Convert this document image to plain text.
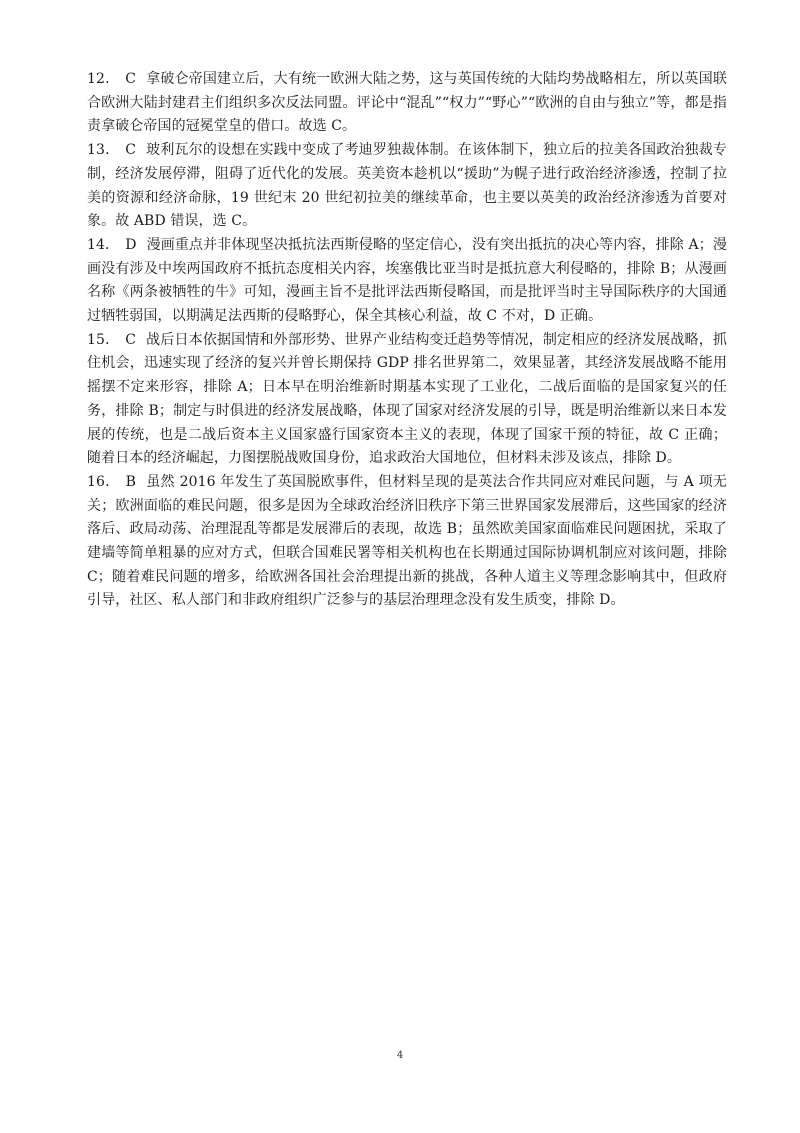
12． C 拿破仑帝国建立后，大有统一欧洲大陆之势，这与英国传统的大陆均势战略相左，所以英国联合欧洲大陆封建君主们组织多次反法同盟。评论中“混乱”“权力”“野心”“欧洲的自由与独立”等，都是指责拿破仑帝国的冠冕堂皇的借口。故选 C。

13． C 玻利瓦尔的设想在实践中变成了考迪罗独裁体制。在该体制下，独立后的拉美各国政治独裁专制，经济发展停滞，阻碍了近代化的发展。英美资本趁机以“援助”为幌子进行政治经济渗透，控制了拉美的资源和经济命脉，19 世纪末 20 世纪初拉美的继续革命，也主要以英美的政治经济渗透为首要对象。故 ABD 错误，选 C。

14． D 漫画重点并非体现坚决抵抗法西斯侵略的坚定信心，没有突出抵抗的决心等内容，排除 A；漫画没有涉及中埃两国政府不抵抗态度相关内容，埃塞俄比亚当时是抵抗意大利侵略的，排除 B；从漫画名称《两条被牺牲的牛》可知，漫画主旨不是批评法西斯侵略国，而是批评当时主导国际秩序的大国通过牺牲弱国，以期满足法西斯的侵略野心，保全其核心利益，故 C 不对，D 正确。

15． C 战后日本依据国情和外部形势、世界产业结构变迁趋势等情况，制定相应的经济发展战略，抓住机会，迅速实现了经济的复兴并曾长期保持 GDP 排名世界第二，效果显著，其经济发展战略不能用摇摆不定来形容，排除 A；日本早在明治维新时期基本实现了工业化，二战后面临的是国家复兴的任务，排除 B；制定与时俱进的经济发展战略，体现了国家对经济发展的引导，既是明治维新以来日本发展的传统，也是二战后资本主义国家盛行国家资本主义的表现，体现了国家干预的特征，故 C 正确；随着日本的经济崛起，力图摆脱战败国身份，追求政治大国地位，但材料未涉及该点，排除 D。

16． B 虽然 2016 年发生了英国脱欧事件，但材料呈现的是英法合作共同应对难民问题，与 A 项无关；欧洲面临的难民问题，很多是因为全球政治经济旧秩序下第三世界国家发展滞后，这些国家的经济落后、政局动荡、治理混乱等都是发展滞后的表现，故选 B；虽然欧美国家面临难民问题困扰，采取了建墙等简单粗暴的应对方式，但联合国难民署等相关机构也在长期通过国际协调机制应对该问题，排除 C；随着难民问题的增多，给欧洲各国社会治理提出新的挑战，各种人道主义等理念影响其中，但政府引导，社区、私人部门和非政府组织广泛参与的基层治理理念没有发生质变，排除 D。

4
